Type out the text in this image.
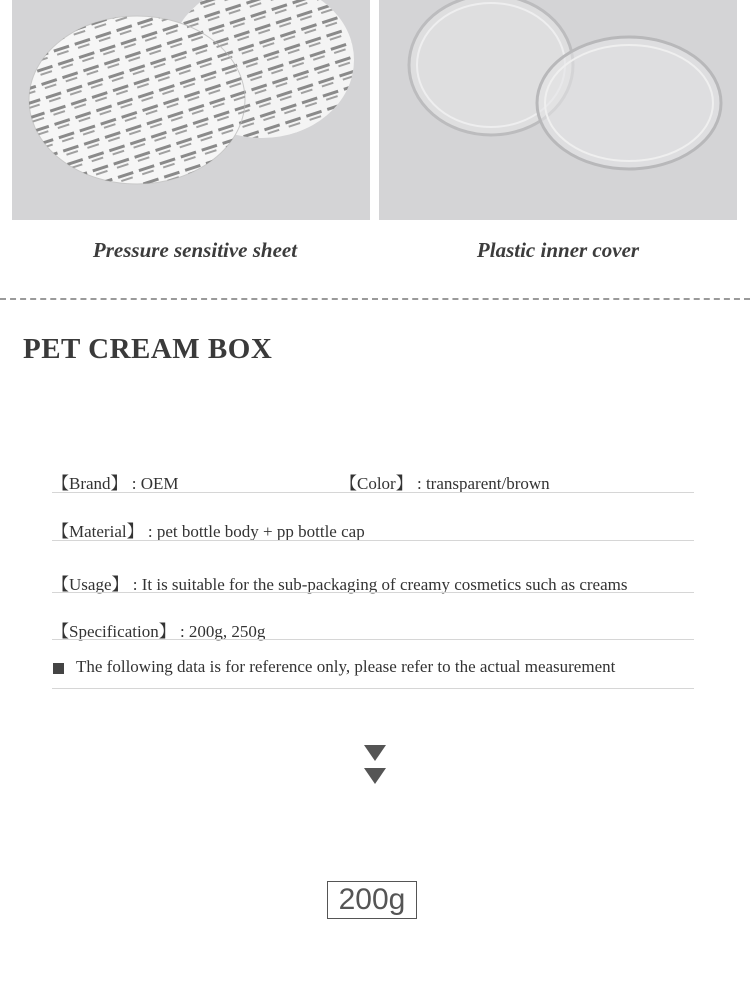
Pressure sensitive sheet	Plastic inner cover
PET CREAM BOX
【Brand】 : OEM	【Color】 : transparent/brown
【Material】 : pet bottle body + pp bottle cap
【Usage】 : It is suitable for the sub-packaging of creamy cosmetics such as creams
【Specification】 : 200g, 250g
The following data is for reference only, please refer to the actual measurement
200g
